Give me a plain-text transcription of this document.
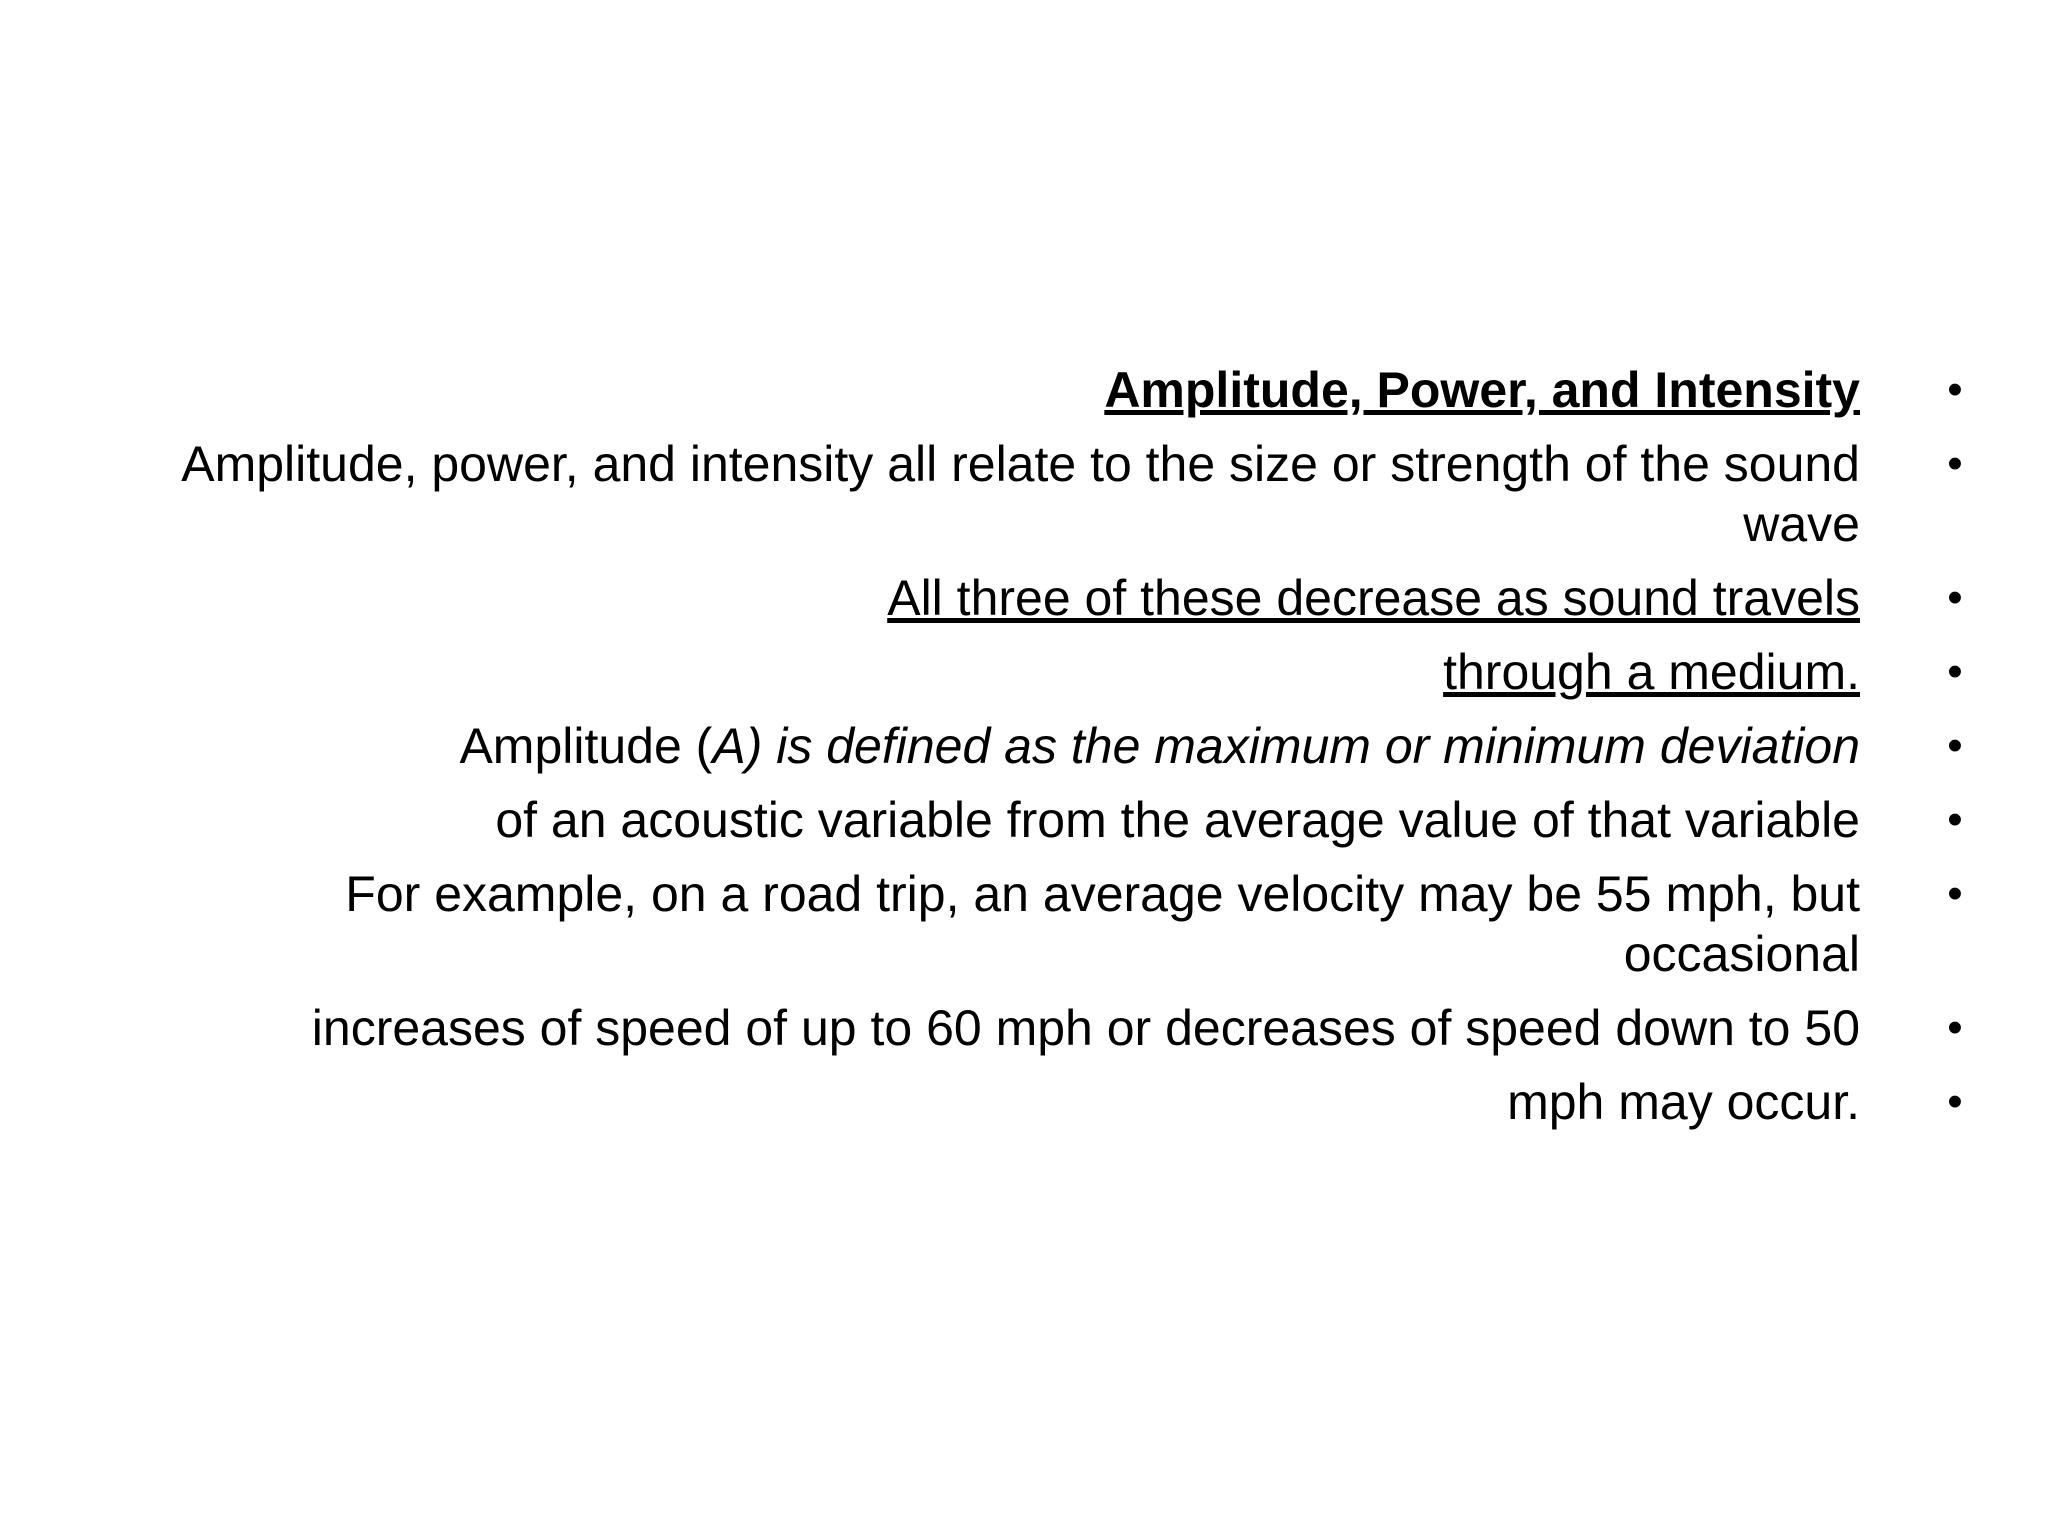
Amplitude, Power, and Intensity	•
Amplitude, power, and intensity all relate to the size or strength of the sound wave
•
All three of these decrease as sound travels	•
through a medium.	•
Amplitude (A) is defined as the maximum or minimum deviation	•
of an acoustic variable from the average value of that variable	•
For example, on a road trip, an average velocity may be 55 mph, but occasional
•
increases of speed of up to 60 mph or decreases of speed down to 50	•
mph may occur.	•
